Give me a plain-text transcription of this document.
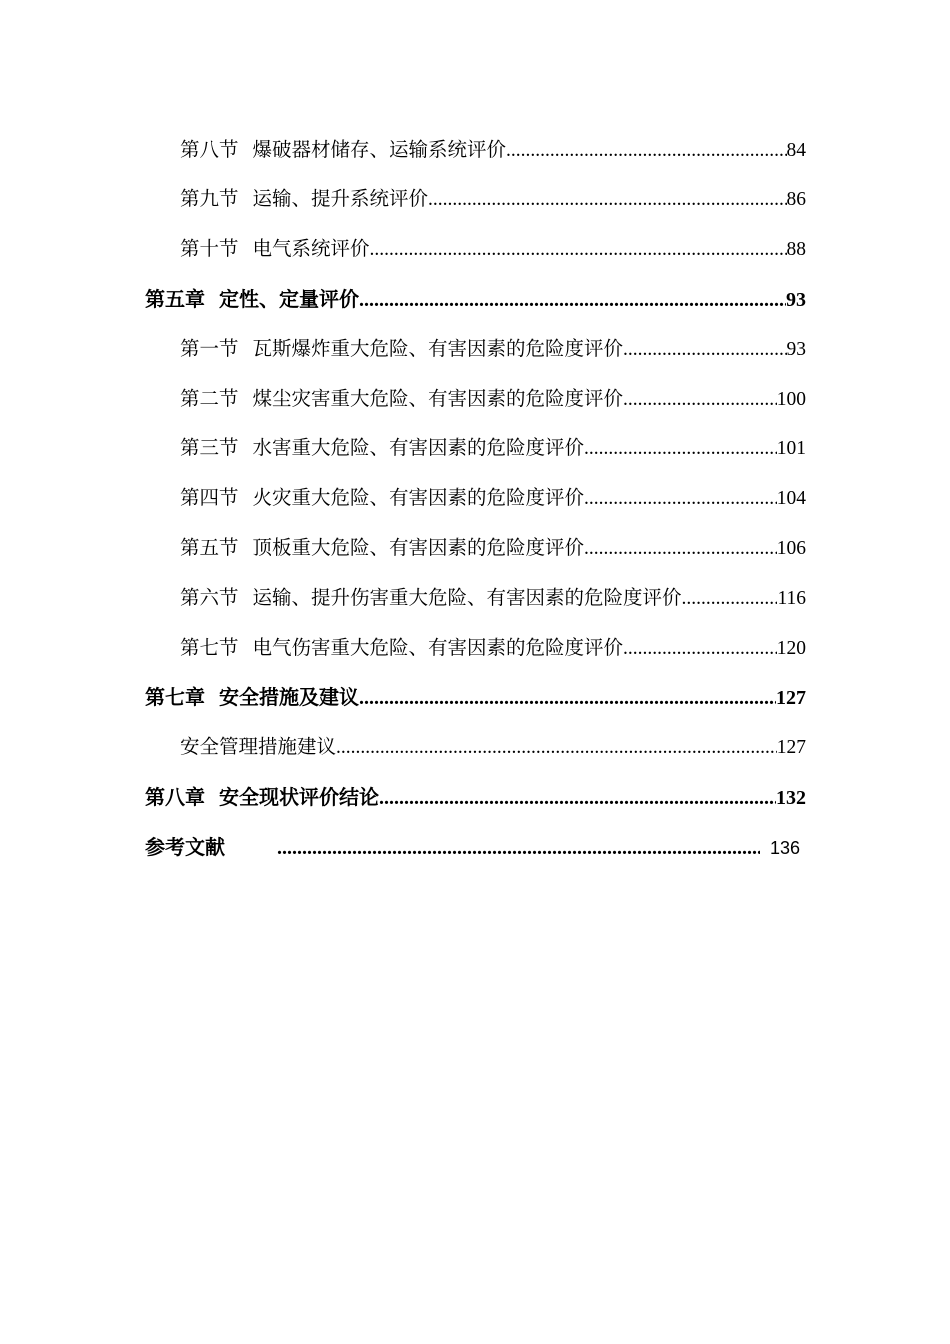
第八节 爆破器材储存、运输系统评价 .....	84
第九节 运输、提升系统评价 .....	86
第十节 电气系统评价 .....	88
第五章 定性、定量评价 .....	93
第一节 瓦斯爆炸重大危险、有害因素的危险度评价 .....	93
第二节 煤尘灾害重大危险、有害因素的危险度评价 .....	100
第三节 水害重大危险、有害因素的危险度评价 .....	101
第四节 火灾重大危险、有害因素的危险度评价 .....	104
第五节 顶板重大危险、有害因素的危险度评价 .....	106
第六节 运输、提升伤害重大危险、有害因素的危险度评价 .....	116
第七节 电气伤害重大危险、有害因素的危险度评价 .....	120
第七章 安全措施及建议 .....	127
安全管理措施建议 .....	127
第八章 安全现状评价结论 .....	132
参考文献 .....	136
